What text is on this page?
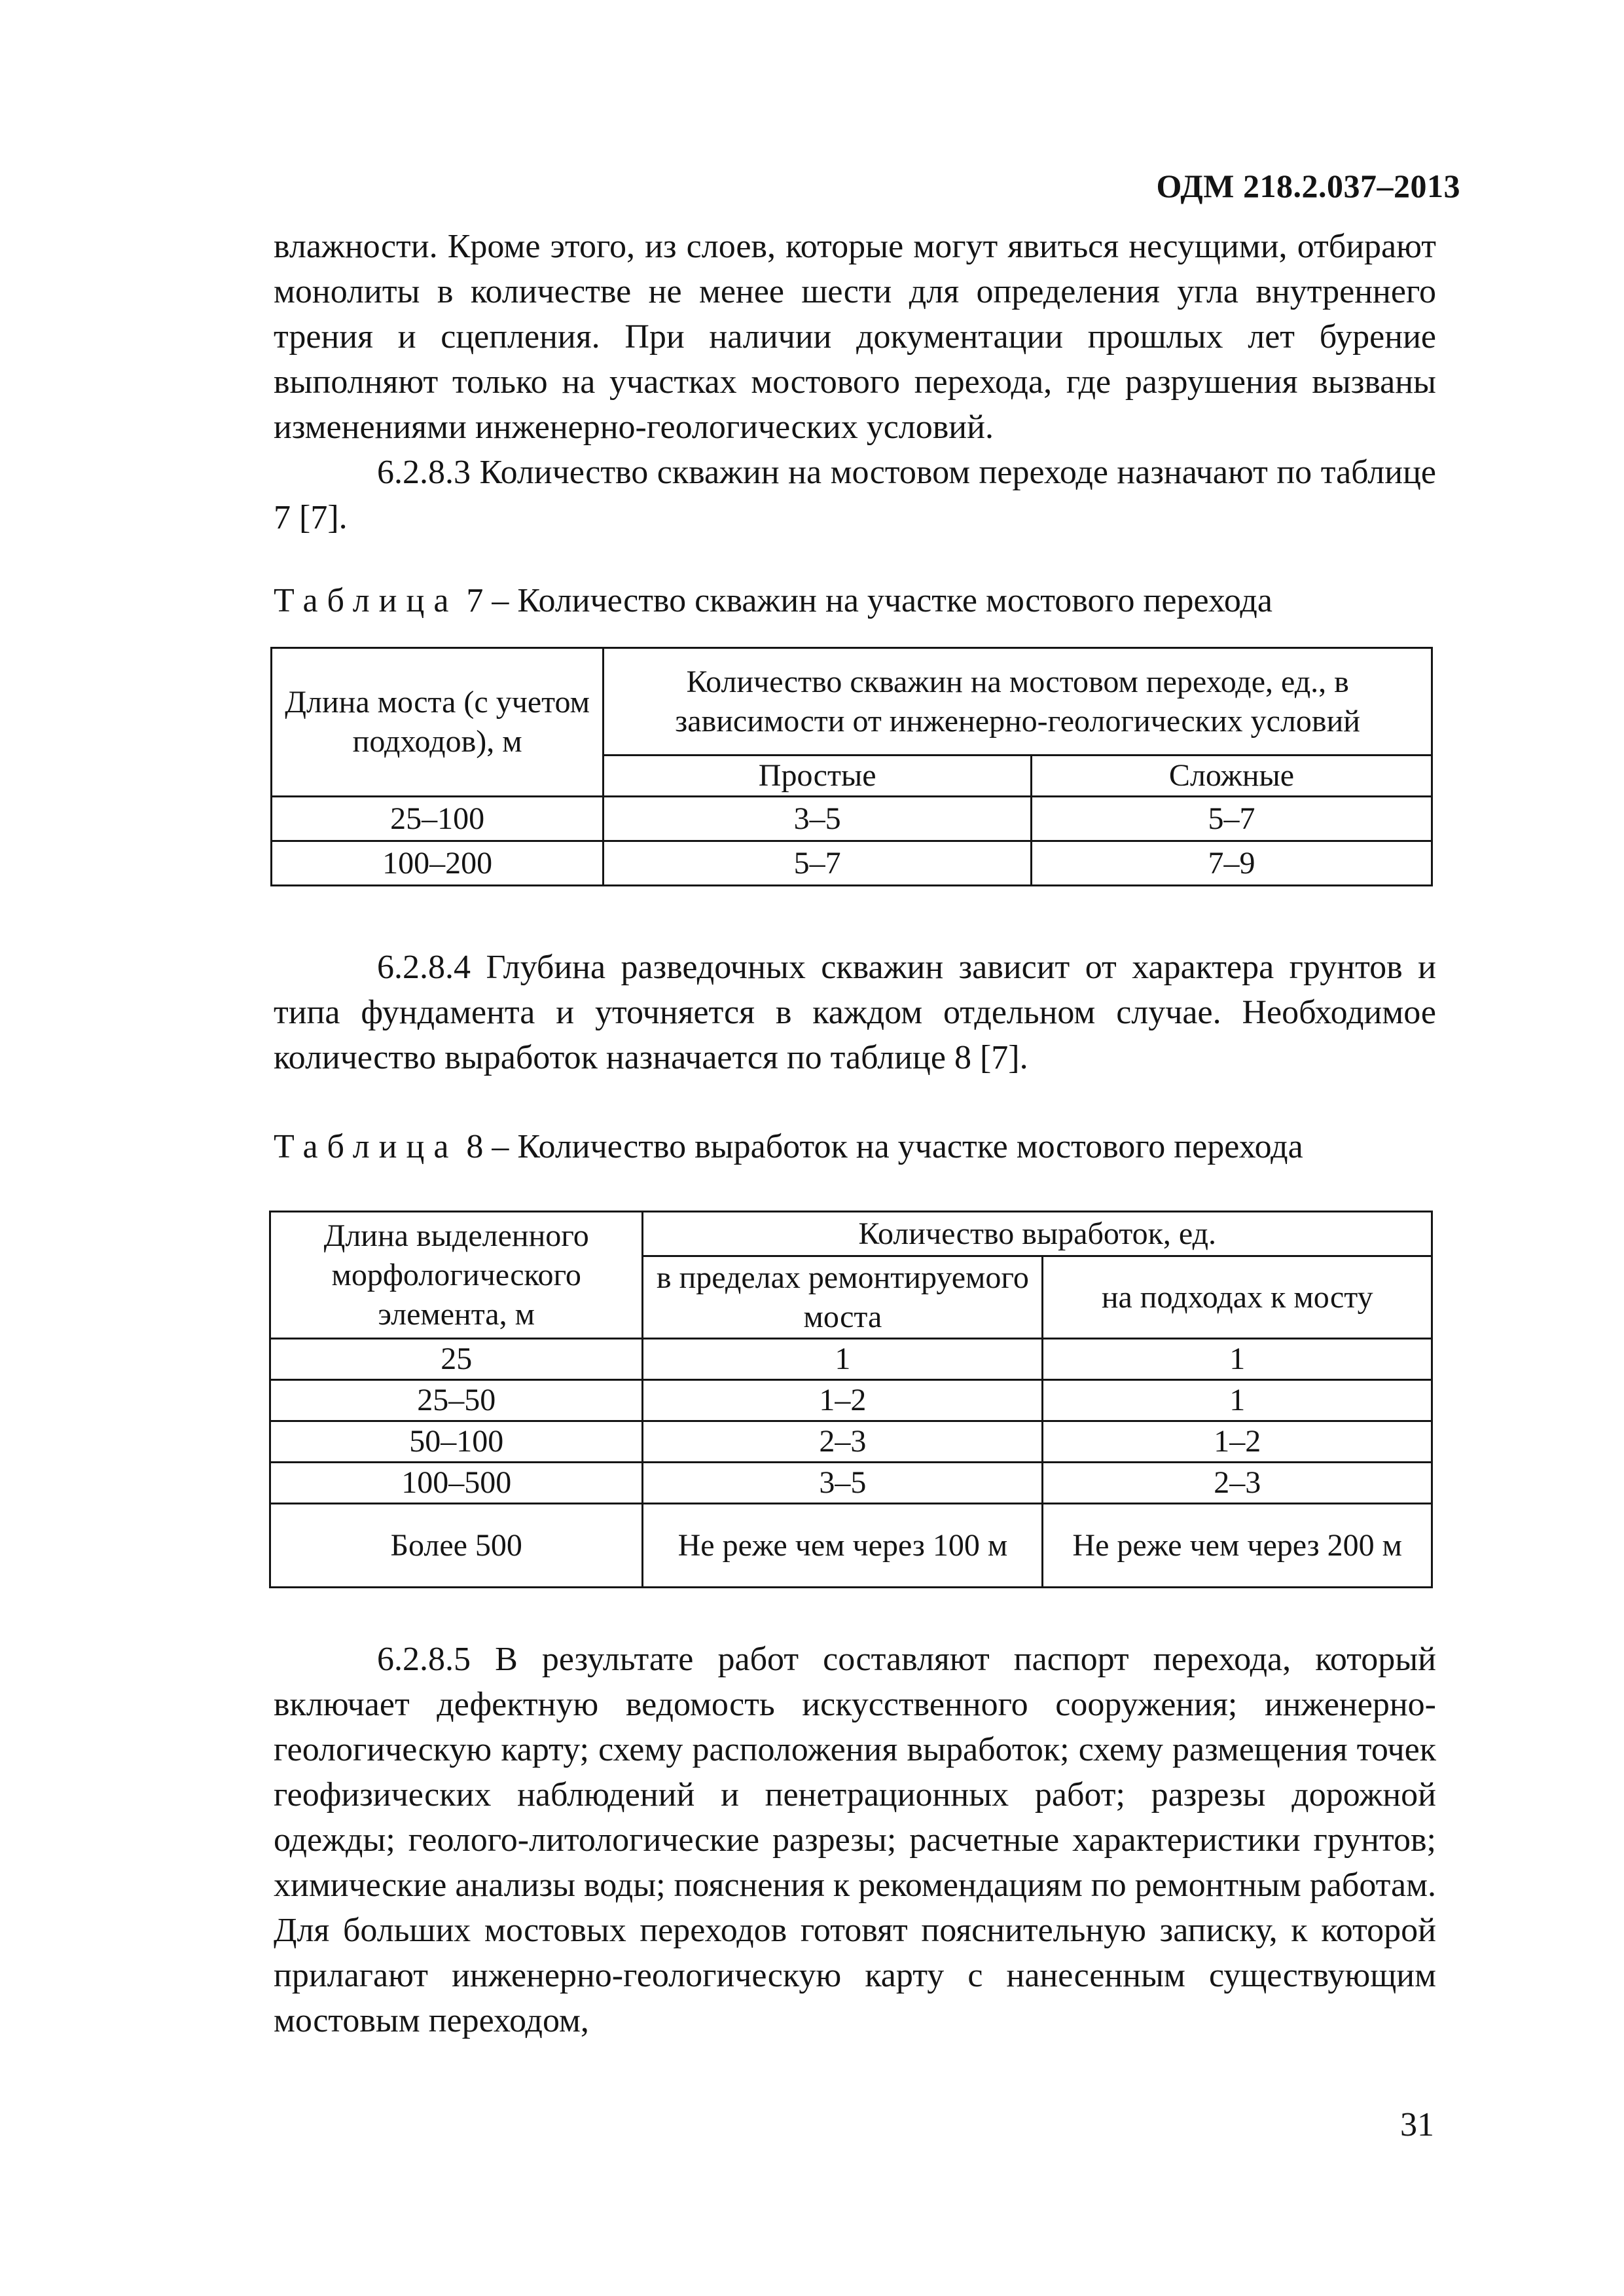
ОДМ 218.2.037–2013

влажности. Кроме этого, из слоев, которые могут явиться несущими, отбирают монолиты в количестве не менее шести для определения угла внутреннего трения и сцепления. При наличии документации прошлых лет бурение выполняют только на участках мостового перехода, где разрушения вызваны изменениями инженерно-геологических условий.

6.2.8.3 Количество скважин на мостовом переходе назначают по таблице 7 [7].

Таблица 7 – Количество скважин на участке мостового перехода
Длина моста (с учетом подходов), м	Количество скважин на мостовом переходе, ед., в зависимости от инженерно-геологических условий	
	Простые	Сложные
25–100	3–5	5–7
100–200	5–7	7–9

6.2.8.4 Глубина разведочных скважин зависит от характера грунтов и типа фундамента и уточняется в каждом отдельном случае. Необходимое количество выработок назначается по таблице 8 [7].

Таблица 8 – Количество выработок на участке мостового перехода
Длина выделенного морфологического элемента, м	Количество выработок, ед.	
	в пределах ремонтируемого моста	на подходах к мосту
25	1	1
25–50	1–2	1
50–100	2–3	1–2
100–500	3–5	2–3
Более 500	Не реже чем через 100 м	Не реже чем через 200 м

6.2.8.5 В результате работ составляют паспорт перехода, который включает дефектную ведомость искусственного сооружения; инженерно-геологическую карту; схему расположения выработок; схему размещения точек геофизических наблюдений и пенетрационных работ; разрезы дорожной одежды; геолого-литологические разрезы; расчетные характеристики грунтов; химические анализы воды; пояснения к рекомендациям по ремонтным работам. Для больших мостовых переходов готовят пояснительную записку, к которой прилагают инженерно-геологическую карту с нанесенным существующим мостовым переходом,

31
